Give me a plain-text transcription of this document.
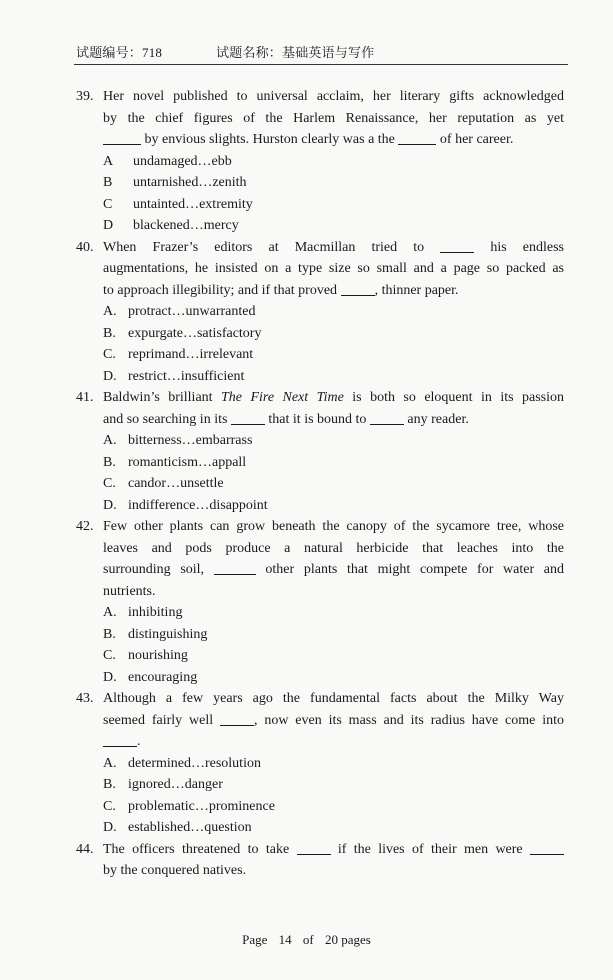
试题编号：718	试题名称：基础英语与写作
39. Her novel published to universal acclaim, her literary gifts acknowledged
by the chief figures of the Harlem Renaissance, her reputation as yet
by envious slights. Hurston clearly was a the	of her career.
A undamaged…ebb
B untarnished…zenith
C untainted…extremity
D blackened…mercy
40. When Frazer’s editors at Macmillan tried to  his endless
augmentations, he insisted on a type size so small and a page so packed as
to approach illegibility; and if that proved , thinner paper.
A. protract…unwarranted
B. expurgate…satisfactory
C. reprimand…irrelevant
D. restrict…insufficient
41. Baldwin’s brilliant The Fire Next Time is both so eloquent in its passion
and so searching in its  that it is bound to  any reader.
A. bitterness…embarrass
B. romanticism…appall
C. candor…unsettle
D. indifference…disappoint
42. Few other plants can grow beneath the canopy of the sycamore tree, whose
leaves and pods produce a natural herbicide that leaches into the
surrounding soil,	other plants that might compete for water and
nutrients.
A. inhibiting
B. distinguishing
C. nourishing
D. encouraging
43. Although a few years ago the fundamental facts about the Milky Way
seemed fairly well , now even its mass and its radius have come into
.
A. determined…resolution
B. ignored…danger
C. problematic…prominence
D. established…question
44. The officers threatened to take  if the lives of their men were
by the conquered natives.
Page 14 of 20 pages
